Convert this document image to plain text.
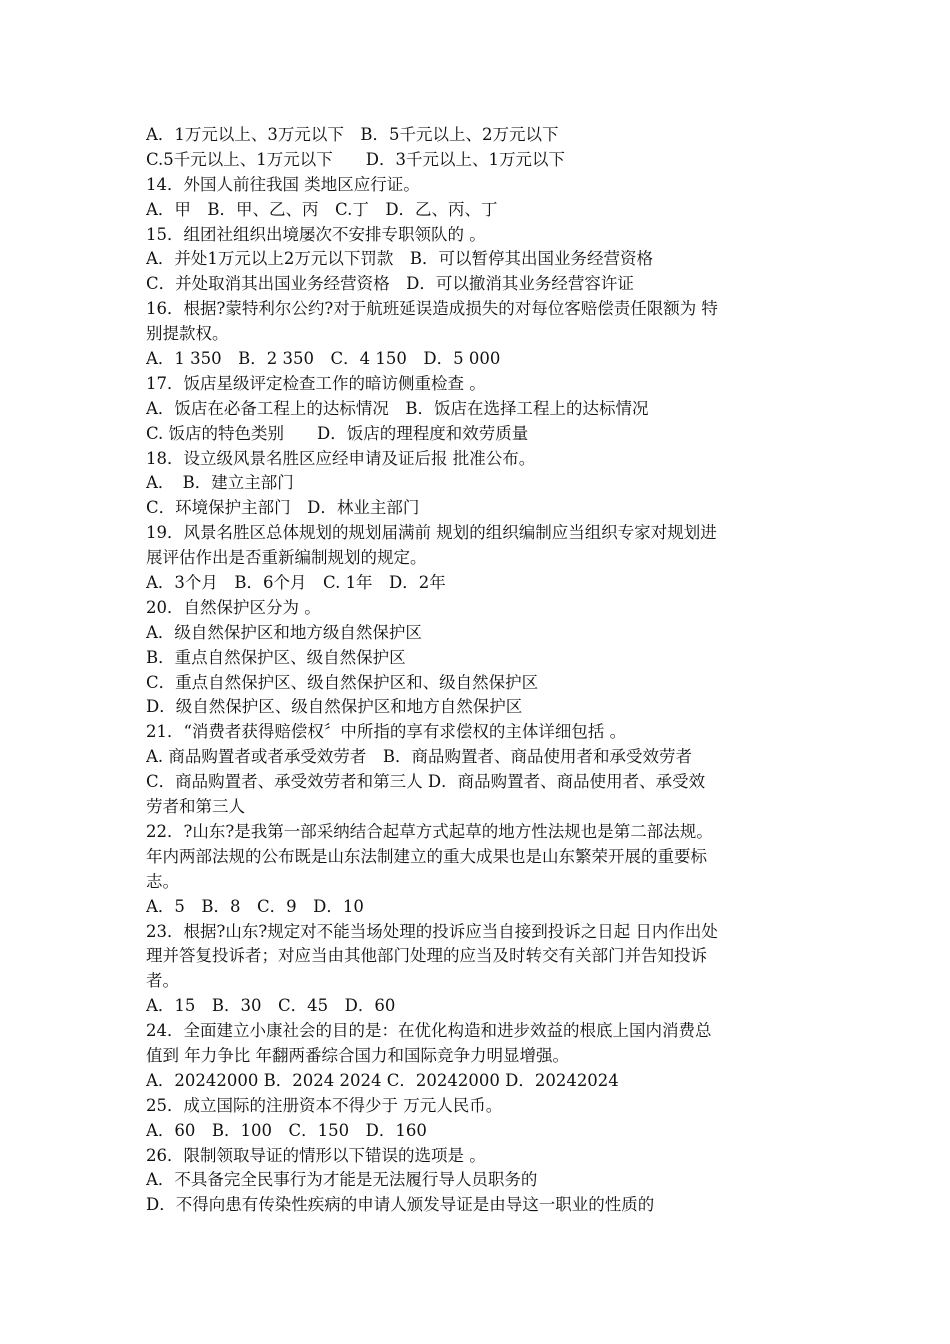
A．1万元以上、3万元以下　B．5千元以上、2万元以下
C.5千元以上、1万元以下　　D．3千元以上、1万元以下
14．外国人前往我国 类地区应行证。
A．甲　B．甲、乙、丙　C.丁　D．乙、丙、丁
15．组团社组织出境屡次不安排专职领队的 。
A．并处1万元以上2万元以下罚款　B．可以暂停其出国业务经营资格
C．并处取消其出国业务经营资格　D．可以撤消其业务经营容许证
16．根据?蒙特利尔公约?对于航班延误造成损失的对每位客赔偿责任限额为 特
别提款权。
A．1 350　B．2 350　C．4 150　D．5 000
17．饭店星级评定检查工作的暗访侧重检查 。
A．饭店在必备工程上的达标情况　B．饭店在选择工程上的达标情况
C. 饭店的特色类别　　D．饭店的理程度和效劳质量
18．设立级风景名胜区应经申请及证后报 批准公布。
A．　B．建立主部门
C．环境保护主部门　D．林业主部门
19．风景名胜区总体规划的规划届满前 规划的组织编制应当组织专家对规划进
展评估作出是否重新编制规划的规定。
A．3个月　B．6个月　C. 1年　D．2年
20．自然保护区分为 。
A．级自然保护区和地方级自然保护区
B．重点自然保护区、级自然保护区
C．重点自然保护区、级自然保护区和、级自然保护区
D．级自然保护区、级自然保护区和地方自然保护区
21．“消费者获得赔偿权〞中所指的享有求偿权的主体详细包括 。
A. 商品购置者或者承受效劳者　B．商品购置者、商品使用者和承受效劳者
C．商品购置者、承受效劳者和第三人 D．商品购置者、商品使用者、承受效
劳者和第三人
22．?山东?是我第一部采纳结合起草方式起草的地方性法规也是第二部法规。
年内两部法规的公布既是山东法制建立的重大成果也是山东繁荣开展的重要标
志。
A．5　B．8　C．9　D．10
23．根据?山东?规定对不能当场处理的投诉应当自接到投诉之日起 日内作出处
理并答复投诉者；对应当由其他部门处理的应当及时转交有关部门并告知投诉
者。
A．15　B．30　C．45　D．60
24．全面建立小康社会的目的是：在优化构造和进步效益的根底上国内消费总
值到 年力争比 年翻两番综合国力和国际竞争力明显增强。
A．20242000 B．2024 2024 C．20242000 D．20242024
25．成立国际的注册资本不得少于 万元人民币。
A．60　B．100　C．150　D．160
26．限制领取导证的情形以下错误的选项是 。
A．不具备完全民事行为才能是无法履行导人员职务的
D．不得向患有传染性疾病的申请人颁发导证是由导这一职业的性质的
